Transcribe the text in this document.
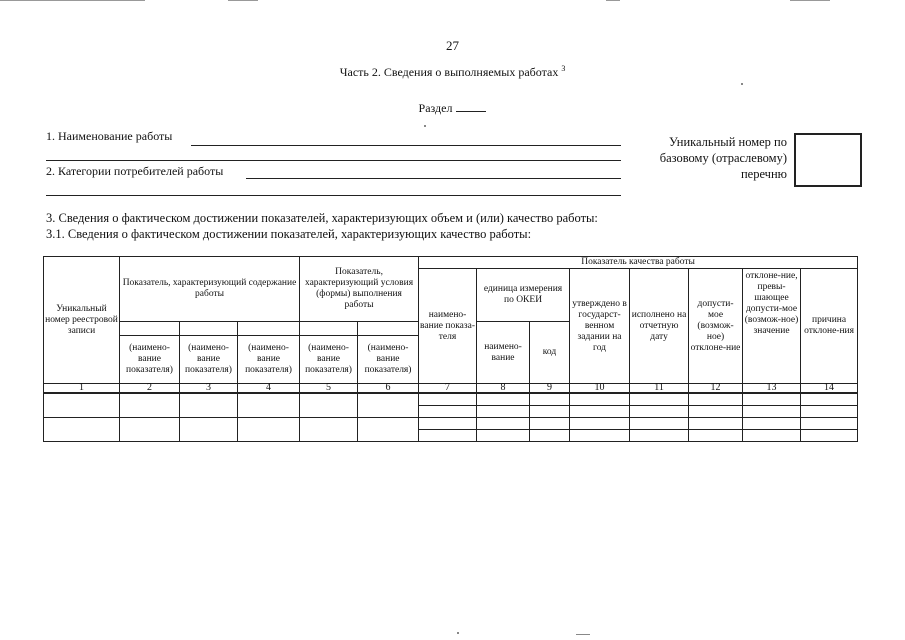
27
Часть 2. Сведения о выполняемых работах $^3$
Раздел
1. Наименование работы
2. Категории потребителей работы
Уникальный номер по базовому (отраслевому) перечню
3. Сведения о фактическом достижении показателей, характеризующих объем и (или) качество работы:
3.1. Сведения о фактическом достижении показателей, характеризующих качество работы:
Уникальный номер реестровой записи	Показатель, характеризующий содержание работы			Показатель, характеризующий условия (формы) выполнения работы		Показатель качества работы							
						наимено-вание показа-теля	единица измерения по ОКЕИ		утверждено в государст-венном задании на год	исполнено на отчетную дату	допусти-мое (возмож-ное) отклоне-ние	отклоне-ние, превы-шающее допусти-мое (возмож-ное) значение	причина отклоне-ния

							наимено-вание	код					
	(наимено-вание показателя)	(наимено-вание показателя)	(наимено-вание показателя)	(наимено-вание показателя)	(наимено-вание показателя)								
1	2	3	4	5	6	7	8	9	10	11	12	13	14
